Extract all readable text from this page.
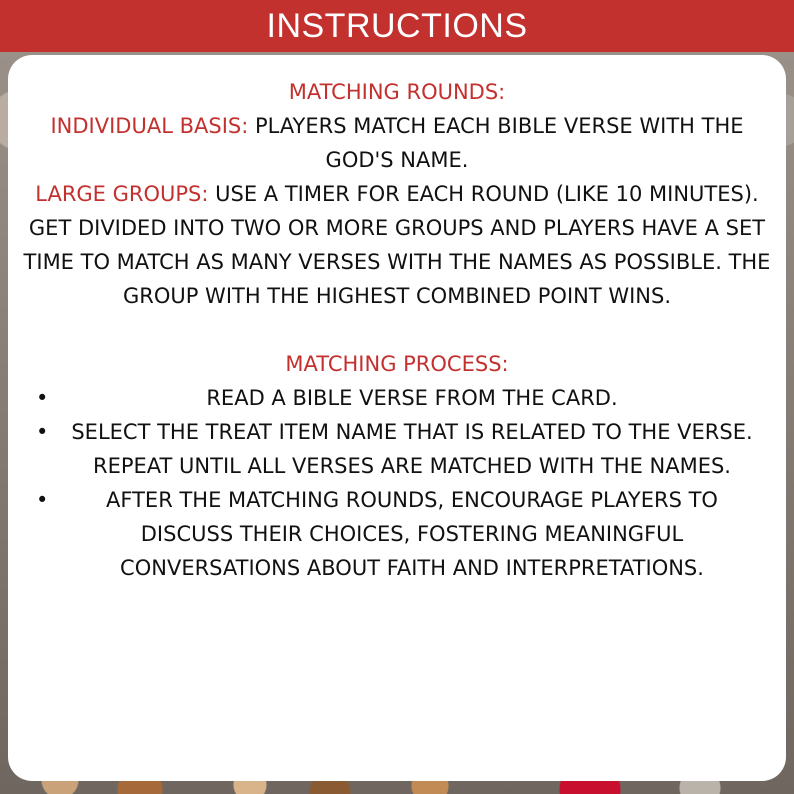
INSTRUCTIONS
MATCHING ROUNDS:
INDIVIDUAL BASIS: PLAYERS MATCH EACH BIBLE VERSE WITH THE GOD'S NAME.
LARGE GROUPS: USE A TIMER FOR EACH ROUND (LIKE 10 MINUTES). GET DIVIDED INTO TWO OR MORE GROUPS AND PLAYERS HAVE A SET TIME TO MATCH AS MANY VERSES WITH THE NAMES AS POSSIBLE. THE GROUP WITH THE HIGHEST COMBINED POINT WINS.
MATCHING PROCESS:
• READ A BIBLE VERSE FROM THE CARD.
• SELECT THE TREAT ITEM NAME THAT IS RELATED TO THE VERSE. REPEAT UNTIL ALL VERSES ARE MATCHED WITH THE NAMES.
• AFTER THE MATCHING ROUNDS, ENCOURAGE PLAYERS TO DISCUSS THEIR CHOICES, FOSTERING MEANINGFUL CONVERSATIONS ABOUT FAITH AND INTERPRETATIONS.
